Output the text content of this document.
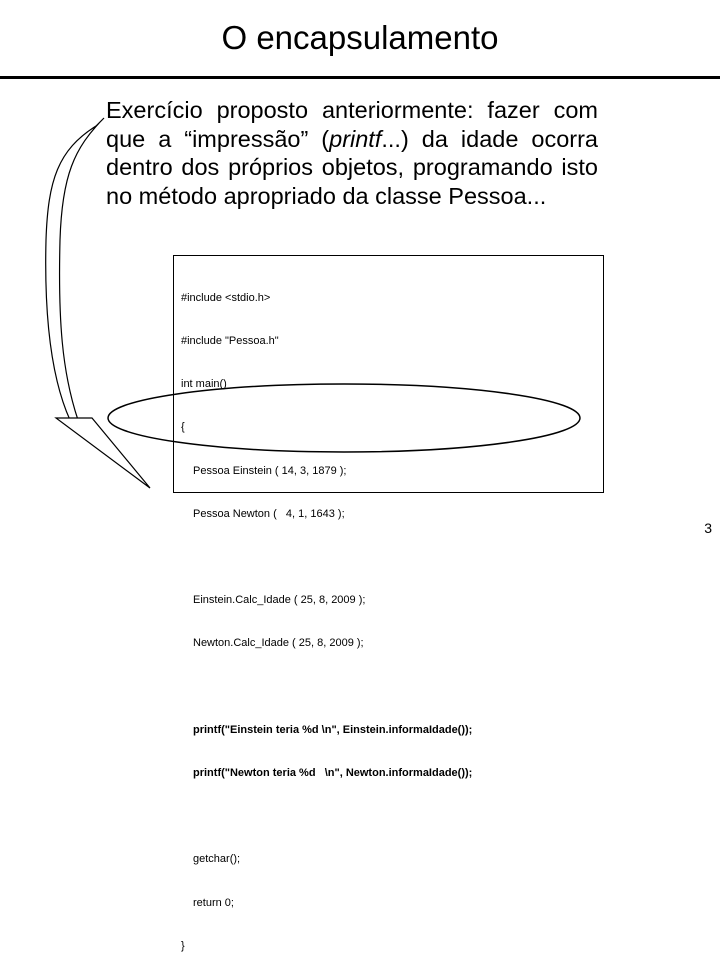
O encapsulamento
Exercício proposto anteriormente: fazer com que a “impressão” (printf...) da idade ocorra dentro dos próprios objetos, programando isto no método apropriado da classe Pessoa...

#include <stdio.h>

#include "Pessoa.h"

int main()

{

Pessoa Einstein ( 14, 3, 1879 );

Pessoa Newton (   4, 1, 1643 );

Einstein.Calc_Idade ( 25, 8, 2009 );

Newton.Calc_Idade ( 25, 8, 2009 );

printf("Einstein teria %d \n", Einstein.informaIdade());

printf("Newton teria %d   \n", Newton.informaIdade());

getchar();

return 0;

}

3
